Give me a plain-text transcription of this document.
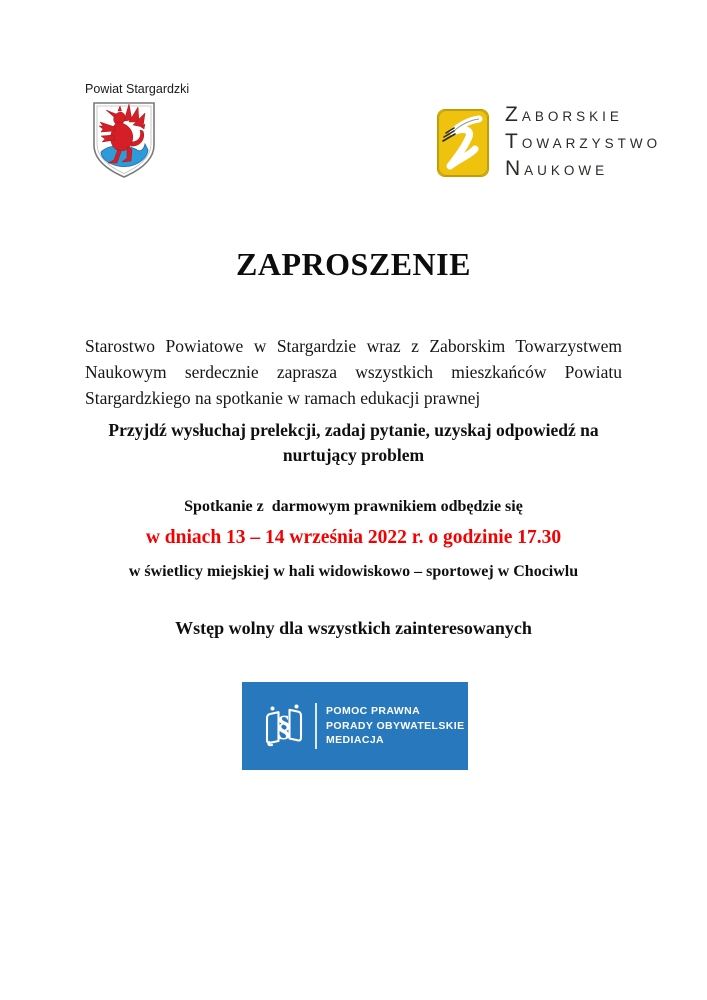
Powiat Stargardzki
ZABORSKIE
TOWARZYSTWO
NAUKOWE
ZAPROSZENIE
Starostwo Powiatowe w Stargardzie wraz z Zaborskim Towarzystwem
Naukowym serdecznie zaprasza wszystkich mieszkańców Powiatu
Stargardzkiego na spotkanie w ramach edukacji prawnej
Przyjdź wysłuchaj prelekcji, zadaj pytanie, uzyskaj odpowiedź na
nurtujący problem
Spotkanie z  darmowym prawnikiem odbędzie się
w dniach 13 – 14 września 2022 r. o godzinie 17.30
w świetlicy miejskiej w hali widowiskowo – sportowej w Chociwlu
Wstęp wolny dla wszystkich zainteresowanych
§	POMOC PRAWNA
PORADY OBYWATELSKIE
MEDIACJA
